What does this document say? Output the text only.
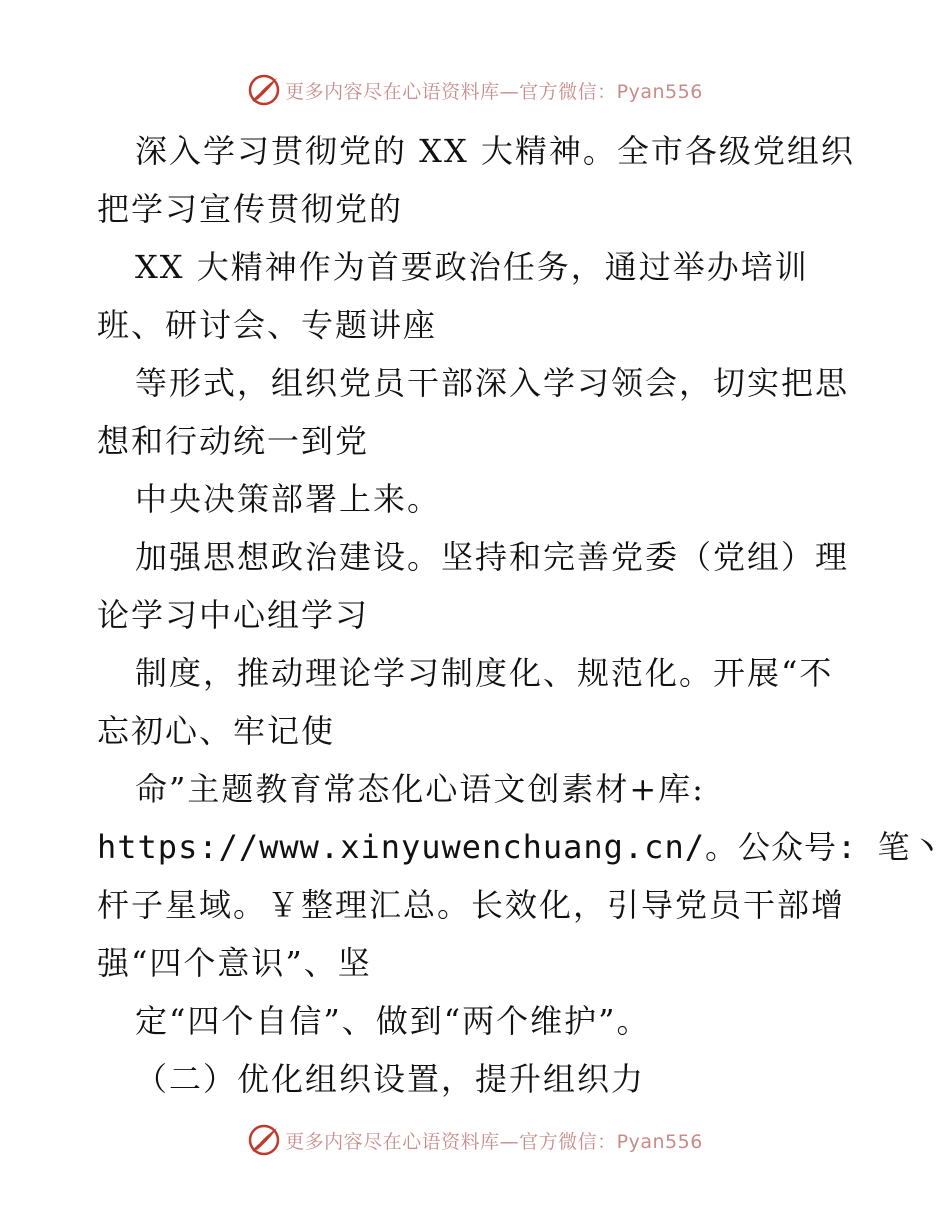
更多内容尽在心语资料库—官方微信：Pyan556
深入学习贯彻党的 XX 大精神。全市各级党组织
把学习宣传贯彻党的
XX 大精神作为首要政治任务，通过举办培训
班、研讨会、专题讲座
等形式，组织党员干部深入学习领会，切实把思
想和行动统一到党
中央决策部署上来。
加强思想政治建设。坚持和完善党委（党组）理
论学习中心组学习
制度，推动理论学习制度化、规范化。开展“不
忘初心、牢记使
命”主题教育常态化心语文创素材+库:
https://www.xinyuwenchuang.cn/。公众号: 笔丶
杆子星域。￥整理汇总。长效化，引导党员干部增
强“四个意识”、坚
定“四个自信”、做到“两个维护”。
（二）优化组织设置，提升组织力
更多内容尽在心语资料库—官方微信：Pyan556
